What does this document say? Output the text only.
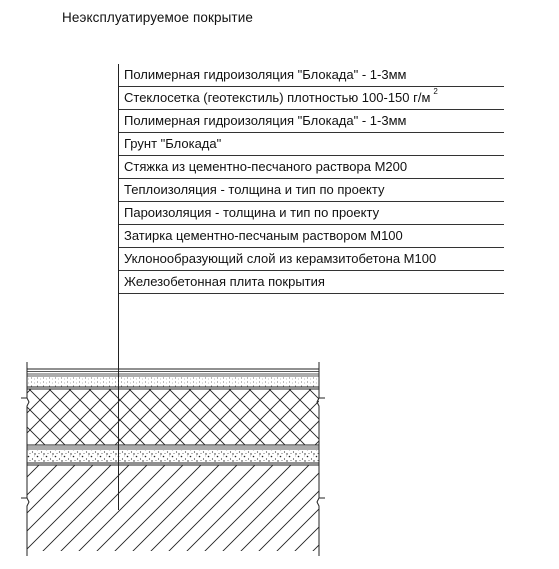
Неэксплуатируемое покрытие
Полимерная гидроизоляция "Блокада" - 1-3мм
Стеклосетка (геотекстиль) плотностью 100-150 г/м $^2$
Полимерная гидроизоляция "Блокада" - 1-3мм
Грунт "Блокада"
Стяжка из цементно-песчаного раствора М200
Теплоизоляция - толщина и тип по проекту
Пароизоляция - толщина и тип по проекту
Затирка цементно-песчаным раствором М100
Уклонообразующий слой из керамзитобетона М100
Железобетонная плита покрытия
